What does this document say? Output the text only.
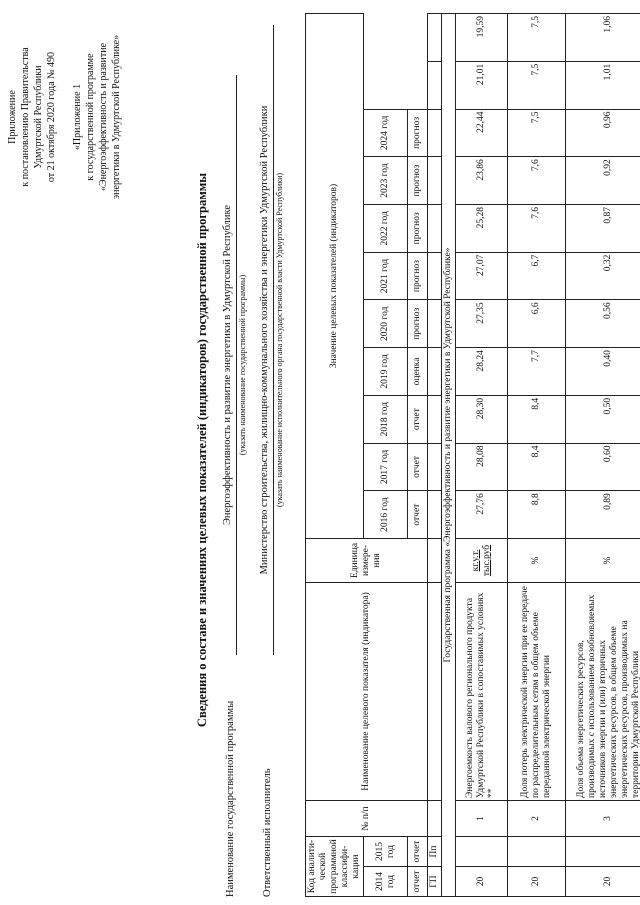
Приложение к постановлению Правительства Удмуртской Республики от 21 октября 2020 года № 490 «Приложение 1 к государственной программе «Энергоэффективность и развитие энергетики в Удмуртской Республике»
Сведения о составе и значениях целевых показателей (индикаторов) государственной программы
Наименование государственной программы
Энергоэффективность и развитие энергетики в Удмуртской Республике (указать наименование государственной программы)
Ответственный исполнитель
Министерство строительства, жилищно-коммунального хозяйства и энергетики Удмуртской Республики (указать наименование исполнительного органа государственной власти Удмуртской Республики)
Код аналити-ческой программной классифи-кации		№ п/п	Наименование целевого показателя (индикатора)	Единица измере-ния	Значение целевых показателей (индикаторов)										
2014 год	2015 год				2016 год	2017 год	2018 год	2019 год	2020 год	2021 год	2022 год	2023 год	2024 год		
отчет	отчет				отчет	отчет	отчет	оценка	прогноз	прогноз	прогноз	прогноз	прогноз		
ГП	Пп														
Государственная программа «Энергоэффективность и развитие энергетики в Удмуртской Республике»															
20		1	Энергоемкость валового регионального продукта Удмуртской Республики в сопоставимых условиях **	кг.у.т. тыс.руб	27,76	28,08	28,30	28,24	27,35	27,07	25,28	23,86	22,44	21,01	19,59
20		2	Доля потерь электрической энергии при ее передаче по распределительным сетям в общем объеме переданной электрической энергии	%	8,8	8,4	8,4	7,7	6,6	6,7	7,6	7,6	7,5	7,5	7,5
20		3	Доля объема энергетических ресурсов, производимых с использованием возобновляемых источников энергии и (или) вторичных энергетических ресурсов, в общем объеме энергетических ресурсов, производимых на территории Удмуртской Республики	%	0,89	0,60	0,50	0,40	0,56	0,32	0,87	0,92	0,96	1,01	1,06
